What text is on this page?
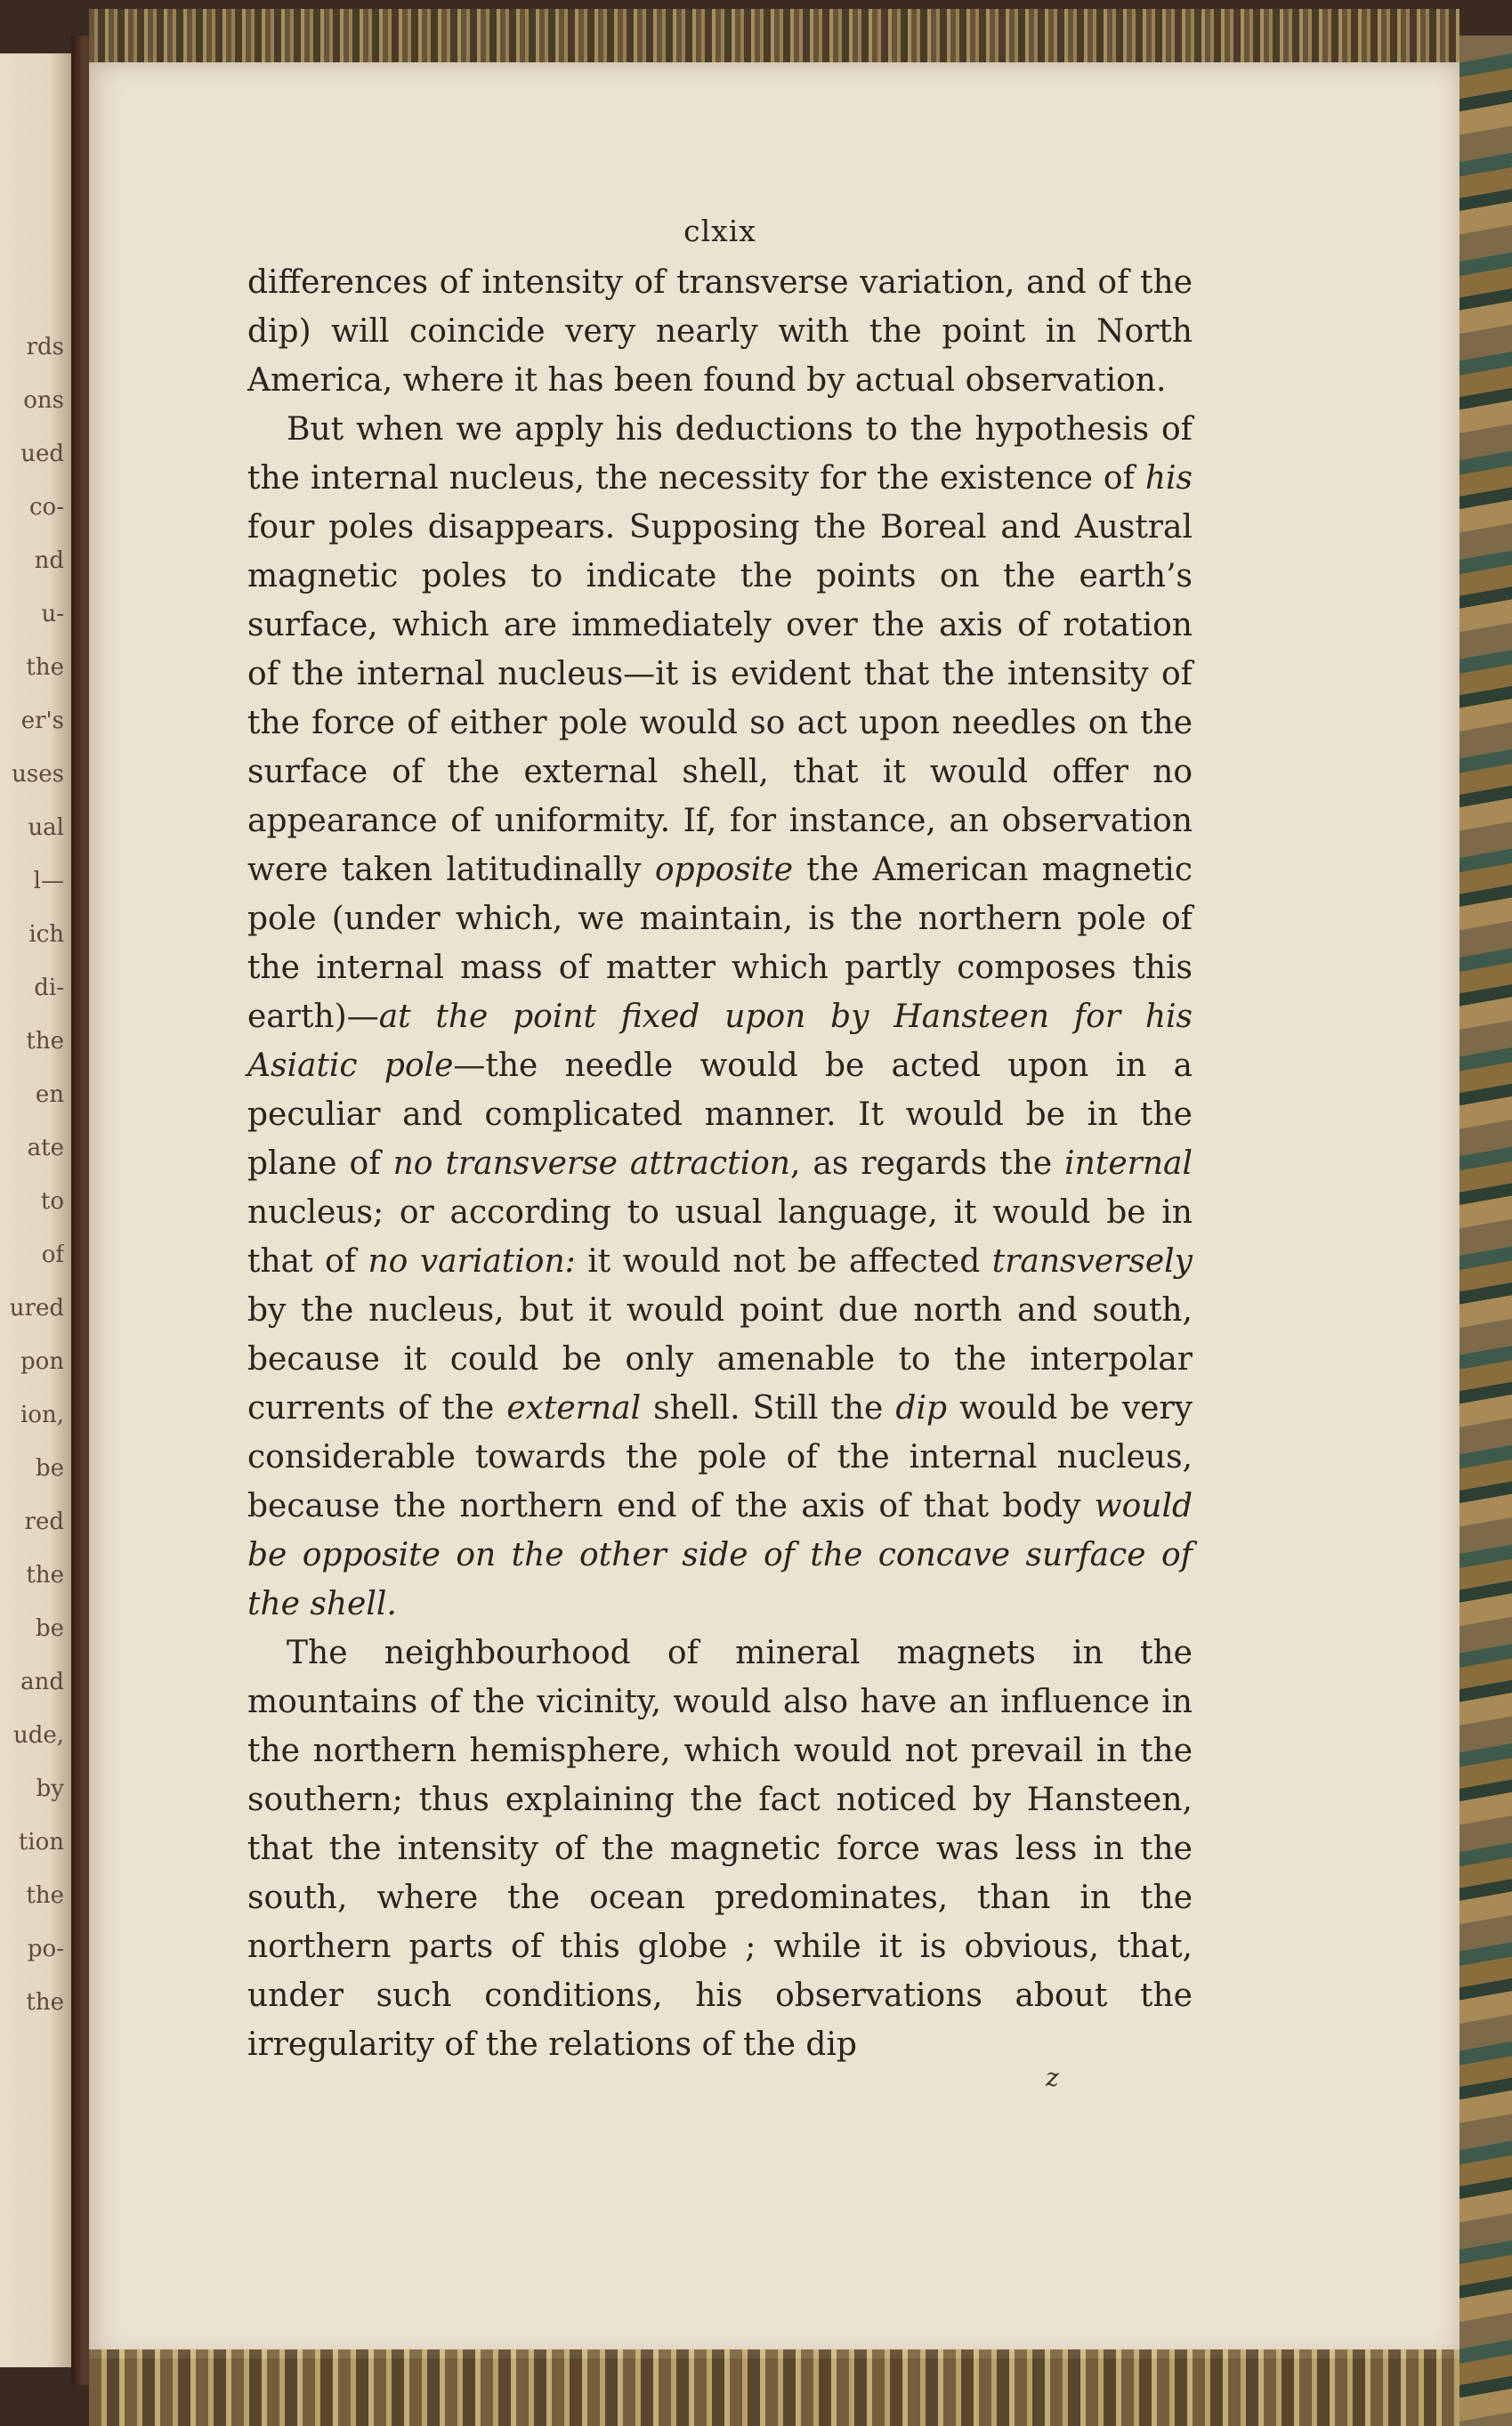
rds
ons
ued
co-
nd
u-
the
er's
uses
ual
l—
ich
di-
the
en
ate
to
of
ured
pon
ion,
be
red
the
be
and
ude,
by
tion
the
po-
the
clxix

differences of intensity of transverse variation, and of the dip) will coincide very nearly with the point in North America, where it has been found by actual observation.

But when we apply his deductions to the hypothesis of the internal nucleus, the necessity for the existence of his four poles disappears. Supposing the Boreal and Austral magnetic poles to indicate the points on the earth’s surface, which are immediately over the axis of rotation of the internal nucleus—it is evident that the intensity of the force of either pole would so act upon needles on the surface of the external shell, that it would offer no appearance of uniformity. If, for instance, an observation were taken latitudinally opposite the American magnetic pole (under which, we maintain, is the northern pole of the internal mass of matter which partly composes this earth)—at the point fixed upon by Hansteen for his Asiatic pole—the needle would be acted upon in a peculiar and complicated manner. It would be in the plane of no transverse attraction, as regards the internal nucleus; or according to usual language, it would be in that of no variation: it would not be affected transversely by the nucleus, but it would point due north and south, because it could be only amenable to the interpolar currents of the external shell. Still the dip would be very considerable towards the pole of the internal nucleus, because the northern end of the axis of that body would be opposite on the other side of the concave surface of the shell.

The neighbourhood of mineral magnets in the mountains of the vicinity, would also have an influence in the northern hemisphere, which would not prevail in the southern; thus explaining the fact noticed by Hansteen, that the intensity of the magnetic force was less in the south, where the ocean predominates, than in the northern parts of this globe ; while it is obvious, that, under such conditions, his observations about the irregularity of the relations of the dip

z
